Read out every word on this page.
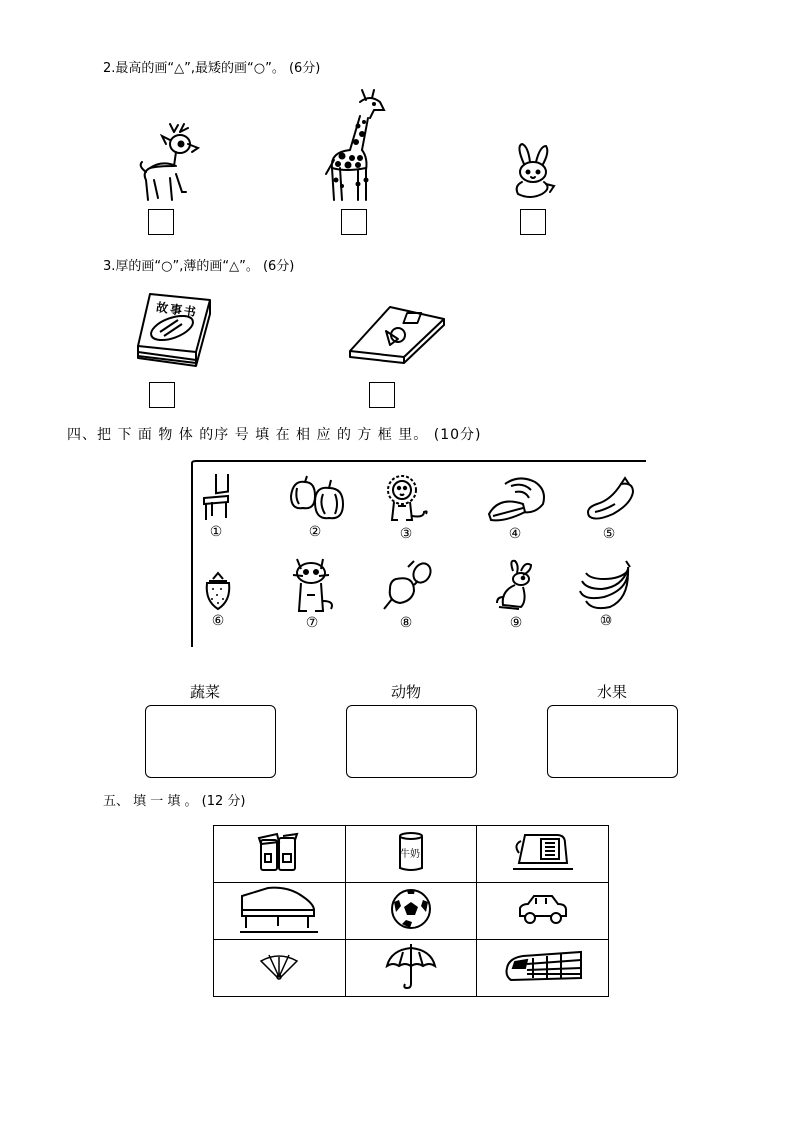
2.最高的画“△”,最矮的画“○”。 (6分)
3.厚的画“○”,薄的画“△”。 (6分)
故事书
四、把 下 面 物 体 的序 号 填 在 相 应 的 方 框 里。 (10分)
①	②	③	④	⑤
⑥	⑦	⑧	⑨	⑩
蔬菜	动物	水果
五、 填 一 填 。 (12 分)

牛奶
